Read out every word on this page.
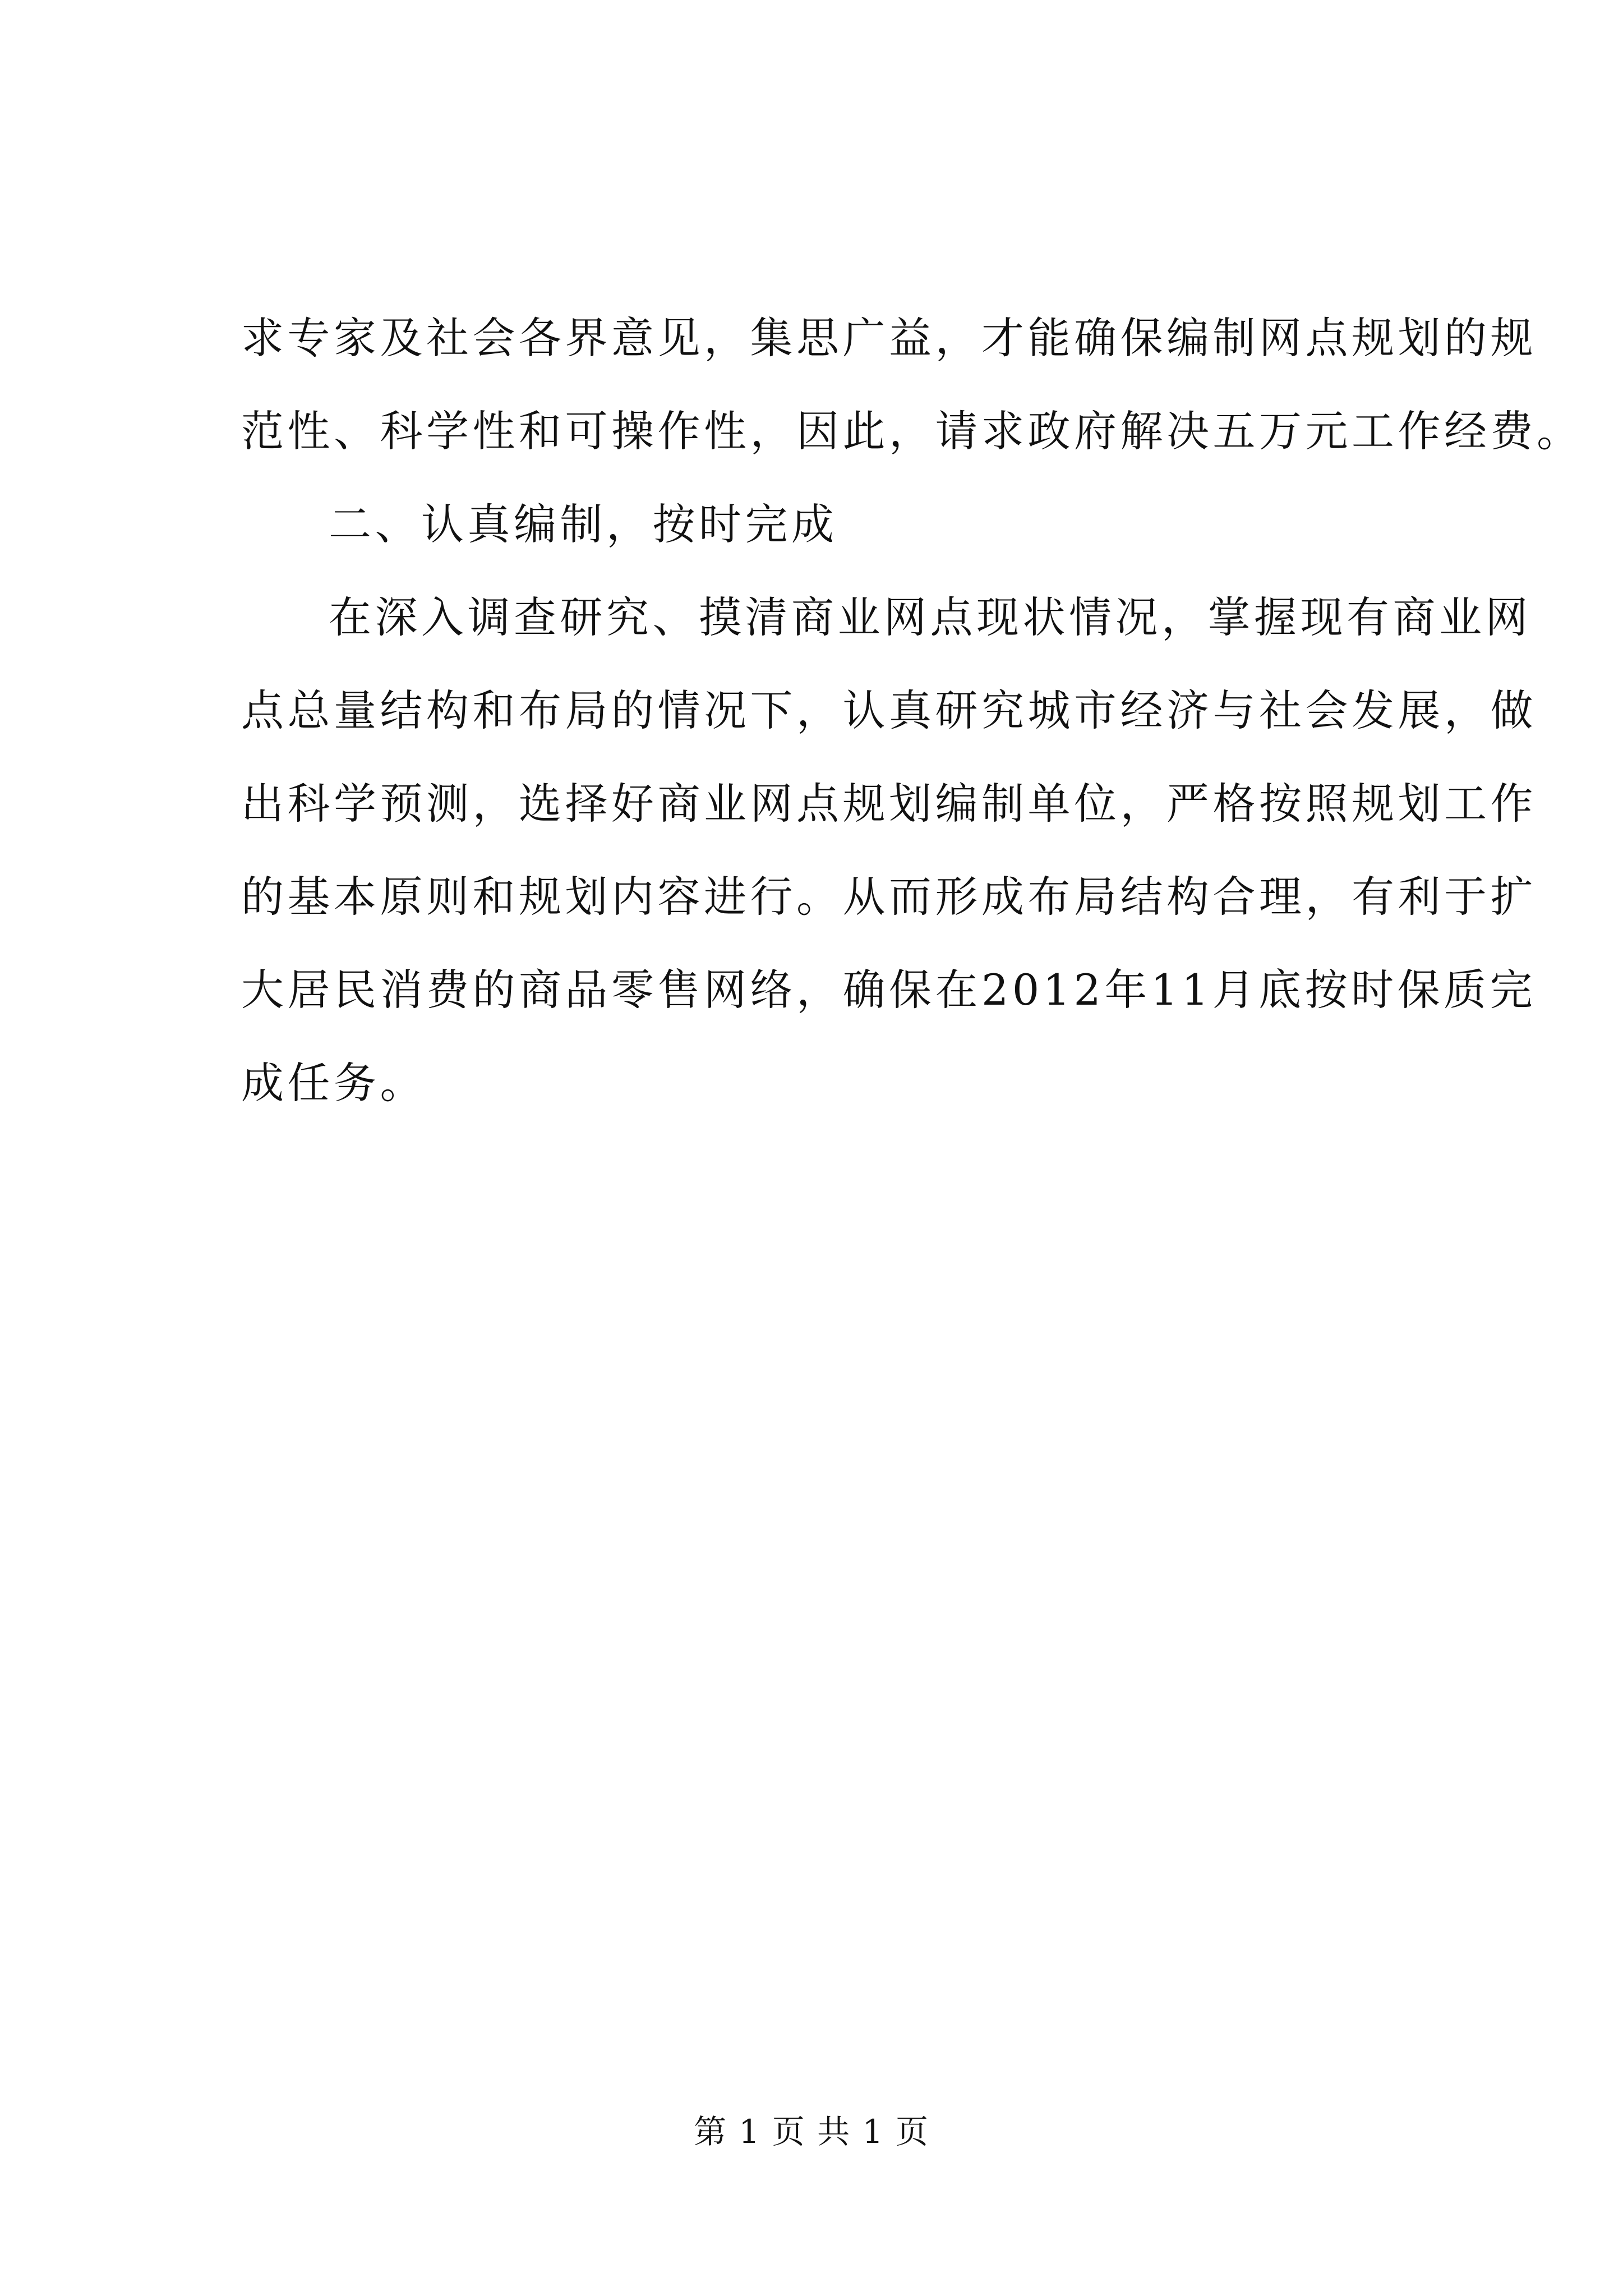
求专家及社会各界意见，集思广益，才能确保编制网点规划的规
范性、科学性和可操作性，因此，请求政府解决五万元工作经费。
二、认真编制，按时完成
在深入调查研究、摸清商业网点现状情况，掌握现有商业网
点总量结构和布局的情况下，认真研究城市经济与社会发展，做
出科学预测，选择好商业网点规划编制单位，严格按照规划工作
的基本原则和规划内容进行。从而形成布局结构合理，有利于扩
大居民消费的商品零售网络，确保在2012年11月底按时保质完
成任务。
第 1 页 共 1 页
